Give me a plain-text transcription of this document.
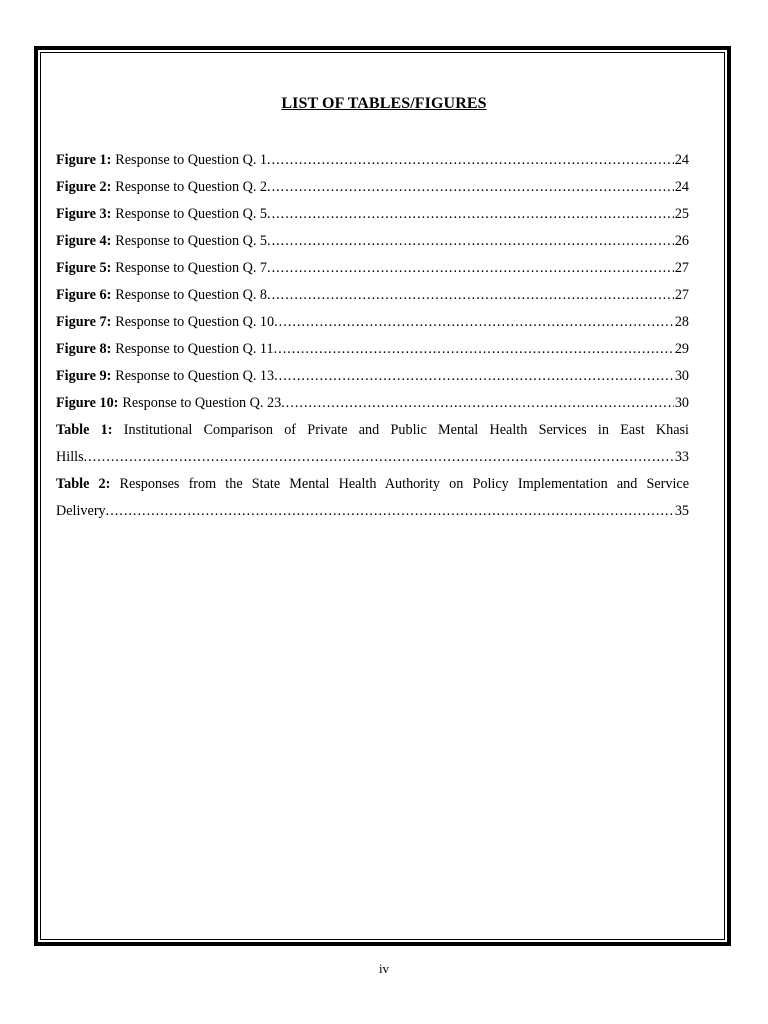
LIST OF TABLES/FIGURES
Figure 1: Response to Question Q. 1 .....	24
Figure 2: Response to Question Q. 2 .....	24
Figure 3: Response to Question Q. 5 .....	25
Figure 4: Response to Question Q. 5 .....	26
Figure 5: Response to Question Q. 7 .....	27
Figure 6: Response to Question Q. 8 .....	27
Figure 7: Response to Question Q. 10 .....	28
Figure 8: Response to Question Q. 11 .....	29
Figure 9: Response to Question Q. 13 .....	30
Figure 10: Response to Question Q. 23 .....	30
Table 1: Institutional Comparison of Private and Public Mental Health Services in East Khasi
Hills .....	33
Table 2: Responses from the State Mental Health Authority on Policy Implementation and Service
Delivery .....	35
iv
